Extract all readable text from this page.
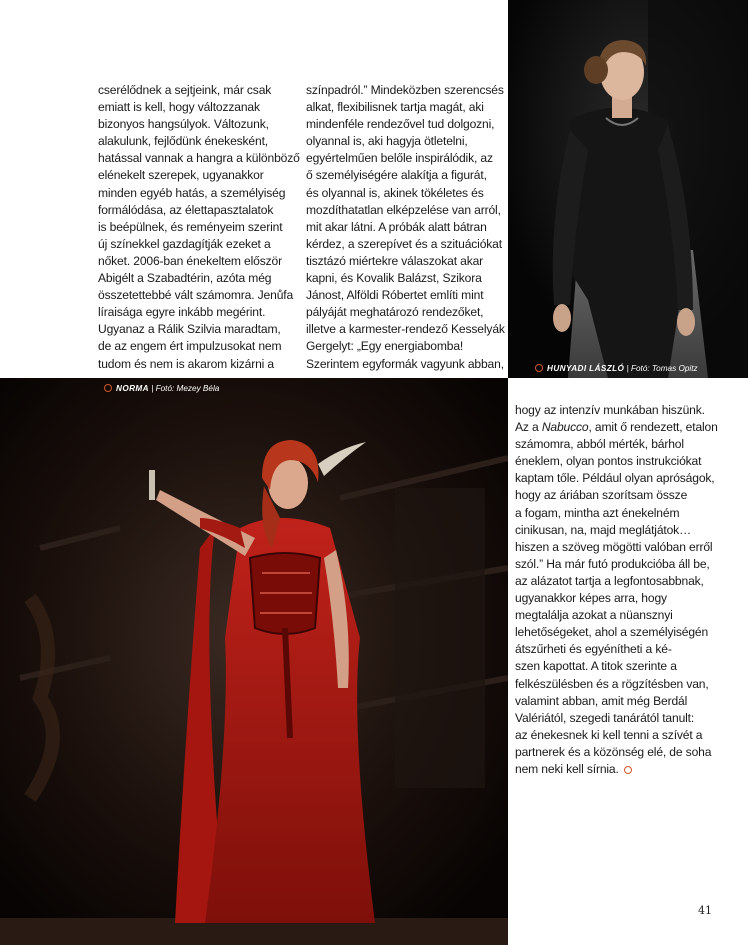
cserélődnek a sejtjeink, már csak
emiatt is kell, hogy változzanak
bizonyos hangsúlyok. Változunk,
alakulunk, fejlődünk énekesként,
hatással vannak a hangra a különböző
elénekelt szerepek, ugyanakkor
minden egyéb hatás, a személyiség
formálódása, az élettapasztalatok
is beépülnek, és reményeim szerint
új színekkel gazdagítják ezeket a
nőket. 2006-ban énekeltem először
Abigélt a Szabadtérin, azóta még
összetettebbé vált számomra. Jenůfa
líraisága egyre inkább megérint.
Ugyanaz a Rálik Szilvia maradtam,
de az engem ért impulzusokat nem
tudom és nem is akarom kizárni a
színpadról.” Mindeközben szerencsés
alkat, flexibilisnek tartja magát, aki
mindenféle rendezővel tud dolgozni,
olyannal is, aki hagyja ötletelni,
egyértelműen belőle inspirálódik, az
ő személyiségére alakítja a figurát,
és olyannal is, akinek tökéletes és
mozdíthatatlan elképzelése van arról,
mit akar látni. A próbák alatt bátran
kérdez, a szerepívet és a szituációkat
tisztázó miértekre válaszokat akar
kapni, és Kovalik Balázst, Szikora
Jánost, Alföldi Róbertet említi mint
pályáját meghatározó rendezőket,
illetve a karmester-rendező Kesselyák
Gergelyt: „Egy energiabomba!
Szerintem egyformák vagyunk abban,
NORMA | Fotó: Mezey Béla
HUNYADI LÁSZLÓ | Fotó: Tomas Opitz
hogy az intenzív munkában hiszünk.
Az a Nabucco, amit ő rendezett, etalon
számomra, abból mérték, bárhol
éneklem, olyan pontos instrukciókat
kaptam tőle. Például olyan apróságok,
hogy az áriában szorítsam össze
a fogam, mintha azt énekelném
cinikusan, na, majd meglátjátok…
hiszen a szöveg mögötti valóban erről
szól.” Ha már futó produkcióba áll be,
az alázatot tartja a legfontosabbnak,
ugyanakkor képes arra, hogy
megtalálja azokat a nüansznyi
lehetőségeket, ahol a személyiségén
átszűrheti és egyénítheti a ké-
szen kapottat. A titok szerinte a
felkészülésben és a rögzítésben van,
valamint abban, amit még Berdál
Valériától, szegedi tanárától tanult:
az énekesnek ki kell tenni a szívét a
partnerek és a közönség elé, de soha
nem neki kell sírnia.
41
